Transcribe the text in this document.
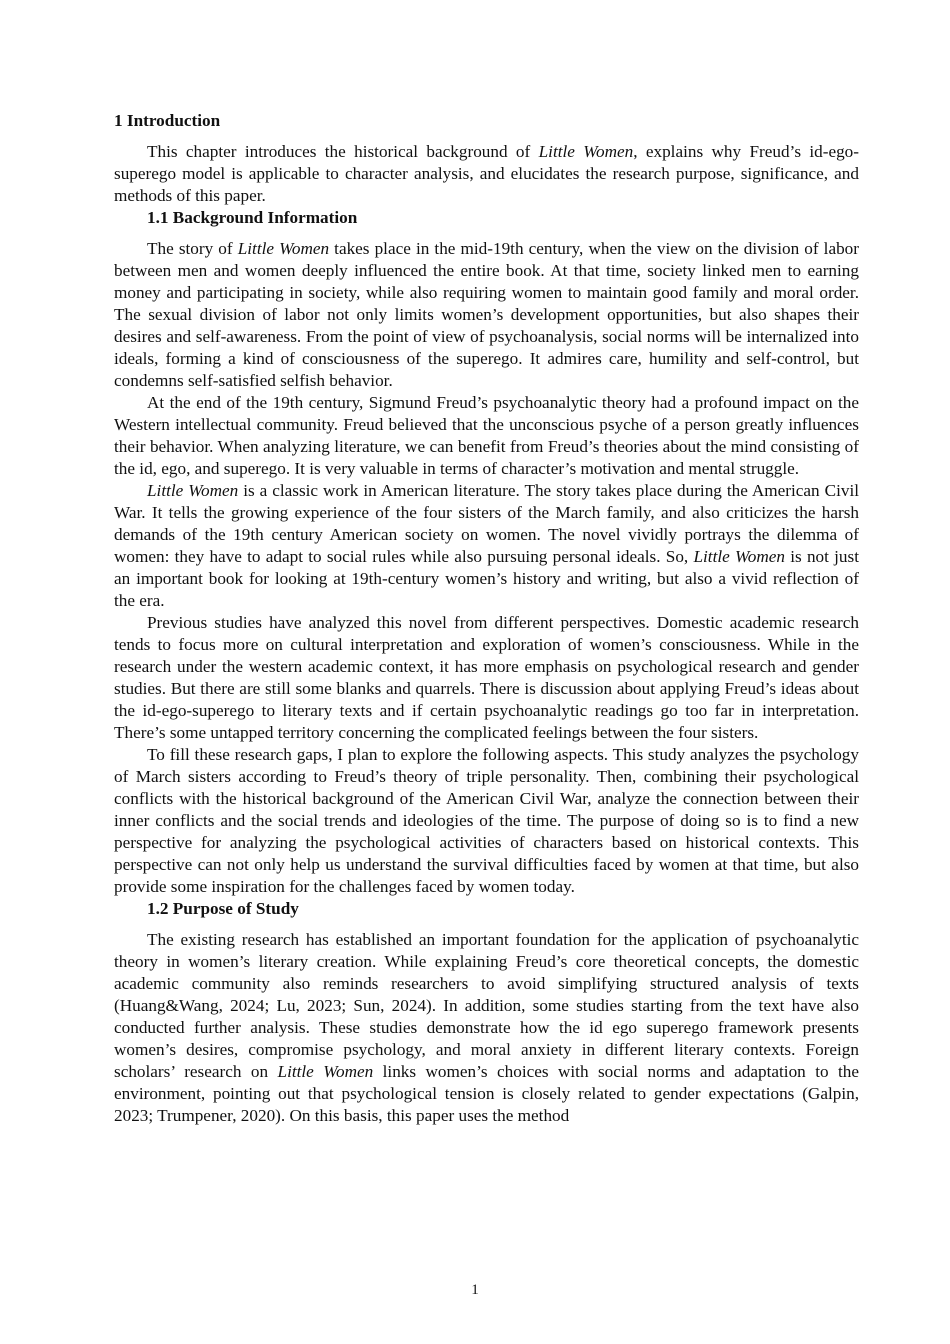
1 Introduction

This chapter introduces the historical background of Little Women, explains why Freud’s id-ego-superego model is applicable to character analysis, and elucidates the research purpose, significance, and methods of this paper.

1.1 Background Information

The story of Little Women takes place in the mid-19th century, when the view on the division of labor between men and women deeply influenced the entire book. At that time, society linked men to earning money and participating in society, while also requiring women to maintain good family and moral order. The sexual division of labor not only limits women’s development opportunities, but also shapes their desires and self-awareness. From the point of view of psychoanalysis, social norms will be internalized into ideals, forming a kind of consciousness of the superego. It admires care, humility and self-control, but condemns self-satisfied selfish behavior.

At the end of the 19th century, Sigmund Freud’s psychoanalytic theory had a profound impact on the Western intellectual community. Freud believed that the unconscious psyche of a person greatly influences their behavior. When analyzing literature, we can benefit from Freud’s theories about the mind consisting of the id, ego, and superego. It is very valuable in terms of character’s motivation and mental struggle.

Little Women is a classic work in American literature. The story takes place during the American Civil War. It tells the growing experience of the four sisters of the March family, and also criticizes the harsh demands of the 19th century American society on women. The novel vividly portrays the dilemma of women: they have to adapt to social rules while also pursuing personal ideals. So, Little Women is not just an important book for looking at 19th-century women’s history and writing, but also a vivid reflection of the era.

Previous studies have analyzed this novel from different perspectives. Domestic academic research tends to focus more on cultural interpretation and exploration of women’s consciousness. While in the research under the western academic context, it has more emphasis on psychological research and gender studies. But there are still some blanks and quarrels. There is discussion about applying Freud’s ideas about the id-ego-superego to literary texts and if certain psychoanalytic readings go too far in interpretation. There’s some untapped territory concerning the complicated feelings between the four sisters.

To fill these research gaps, I plan to explore the following aspects. This study analyzes the psychology of March sisters according to Freud’s theory of triple personality. Then, combining their psychological conflicts with the historical background of the American Civil War, analyze the connection between their inner conflicts and the social trends and ideologies of the time. The purpose of doing so is to find a new perspective for analyzing the psychological activities of characters based on historical contexts. This perspective can not only help us understand the survival difficulties faced by women at that time, but also provide some inspiration for the challenges faced by women today.

1.2 Purpose of Study

The existing research has established an important foundation for the application of psychoanalytic theory in women’s literary creation. While explaining Freud’s core theoretical concepts, the domestic academic community also reminds researchers to avoid simplifying structured analysis of texts (Huang&Wang, 2024; Lu, 2023; Sun, 2024). In addition, some studies starting from the text have also conducted further analysis. These studies demonstrate how the id ego superego framework presents women’s desires, compromise psychology, and moral anxiety in different literary contexts. Foreign scholars’ research on Little Women links women’s choices with social norms and adaptation to the environment, pointing out that psychological tension is closely related to gender expectations (Galpin, 2023; Trumpener, 2020). On this basis, this paper uses the method

1
